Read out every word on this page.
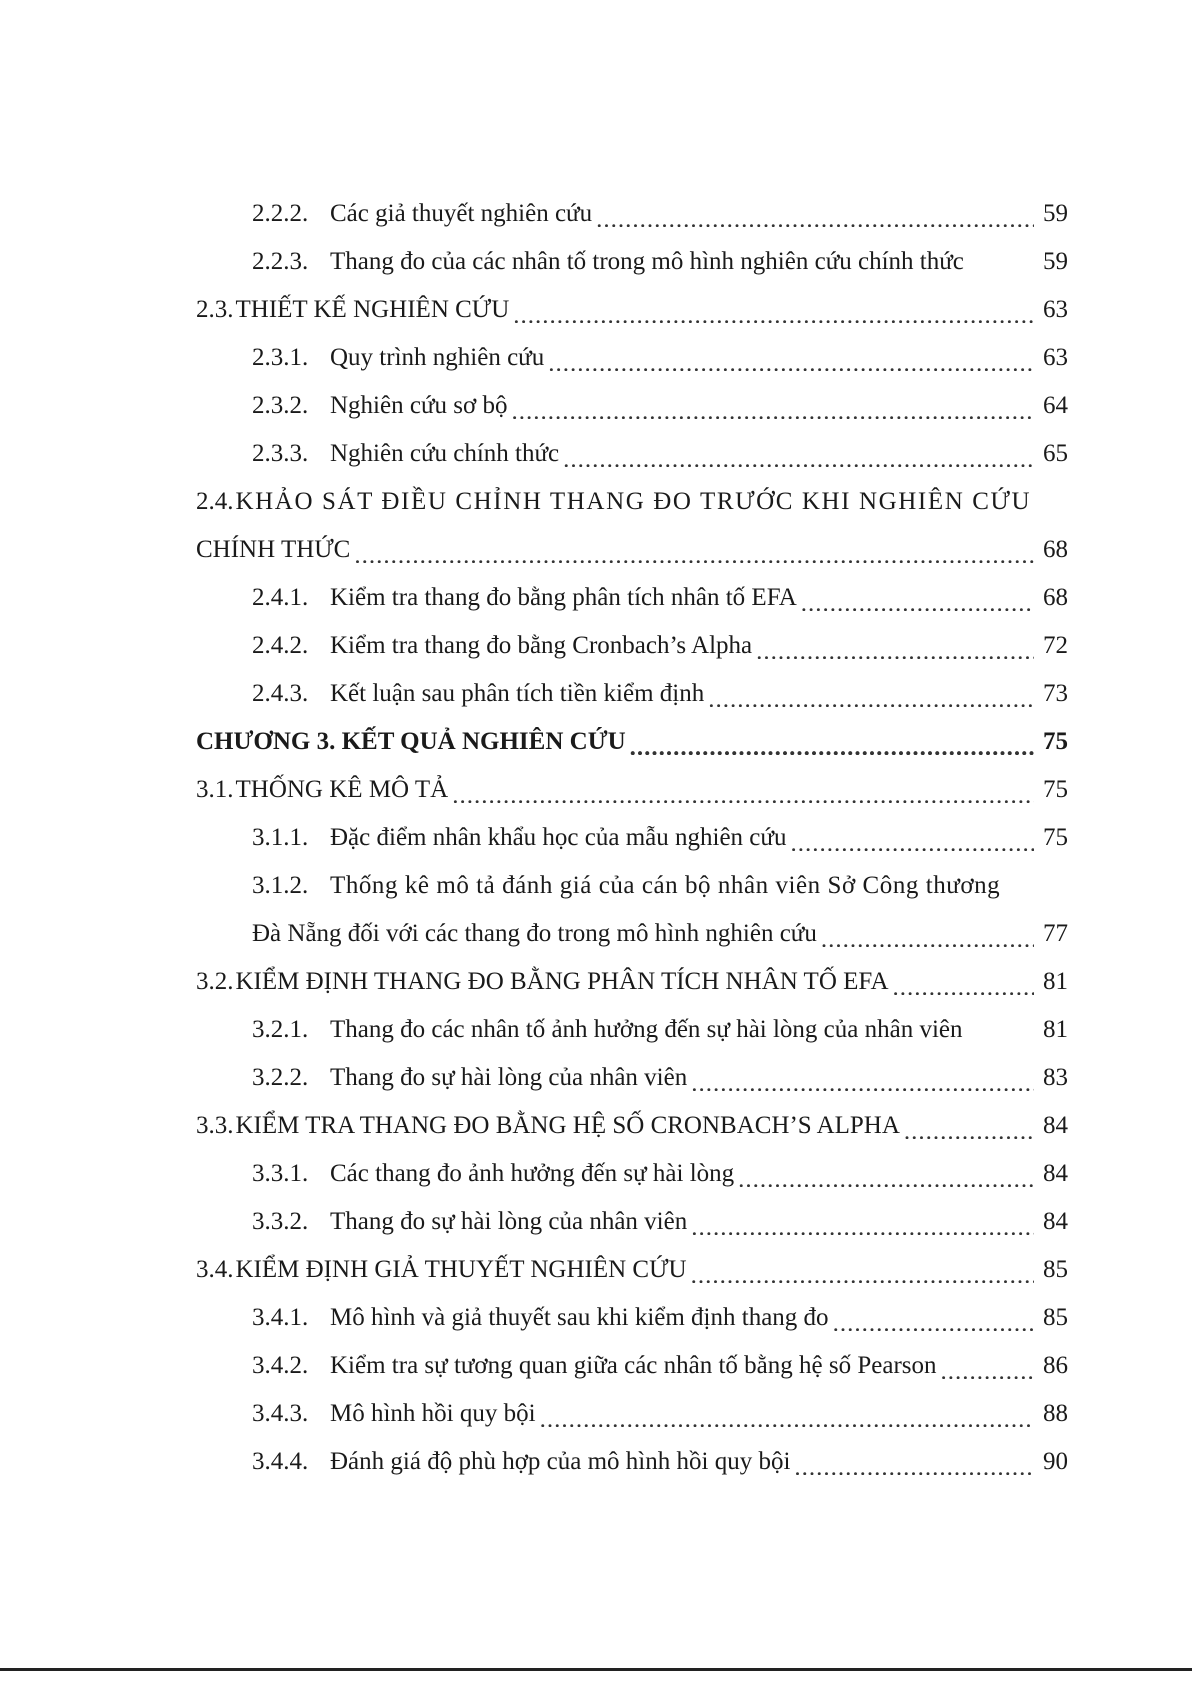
2.2.2. Các giả thuyết nghiên cứu .....	59
2.2.3. Thang đo của các nhân tố trong mô hình nghiên cứu chính thức	59
2.3. THIẾT KẾ NGHIÊN CỨU .....	63
2.3.1. Quy trình nghiên cứu .....	63
2.3.2. Nghiên cứu sơ bộ .....	64
2.3.3. Nghiên cứu chính thức .....	65
2.4. KHẢO SÁT ĐIỀU CHỈNH THANG ĐO TRƯỚC KHI NGHIÊN CỨU
CHÍNH THỨC .....	68
2.4.1. Kiểm tra thang đo bằng phân tích nhân tố EFA .....	68
2.4.2. Kiểm tra thang đo bằng Cronbach’s Alpha .....	72
2.4.3. Kết luận sau phân tích tiền kiểm định .....	73
CHƯƠNG 3. KẾT QUẢ NGHIÊN CỨU .....	75
3.1. THỐNG KÊ MÔ TẢ .....	75
3.1.1. Đặc điểm nhân khẩu học của mẫu nghiên cứu .....	75
3.1.2. Thống kê mô tả đánh giá của cán bộ nhân viên Sở Công thương
Đà Nẵng đối với các thang đo trong mô hình nghiên cứu .....	77
3.2. KIỂM ĐỊNH THANG ĐO BẰNG PHÂN TÍCH NHÂN TỐ EFA .....	81
3.2.1. Thang đo các nhân tố ảnh hưởng đến sự hài lòng của nhân viên	81
3.2.2. Thang đo sự hài lòng của nhân viên .....	83
3.3. KIỂM TRA THANG ĐO BẰNG HỆ SỐ CRONBACH’S ALPHA .....	84
3.3.1. Các thang đo ảnh hưởng đến sự hài lòng .....	84
3.3.2. Thang đo sự hài lòng của nhân viên .....	84
3.4. KIỂM ĐỊNH GIẢ THUYẾT NGHIÊN CỨU .....	85
3.4.1. Mô hình và giả thuyết sau khi kiểm định thang đo .....	85
3.4.2. Kiểm tra sự tương quan giữa các nhân tố bằng hệ số Pearson .....	86
3.4.3. Mô hình hồi quy bội .....	88
3.4.4. Đánh giá độ phù hợp của mô hình hồi quy bội .....	90
